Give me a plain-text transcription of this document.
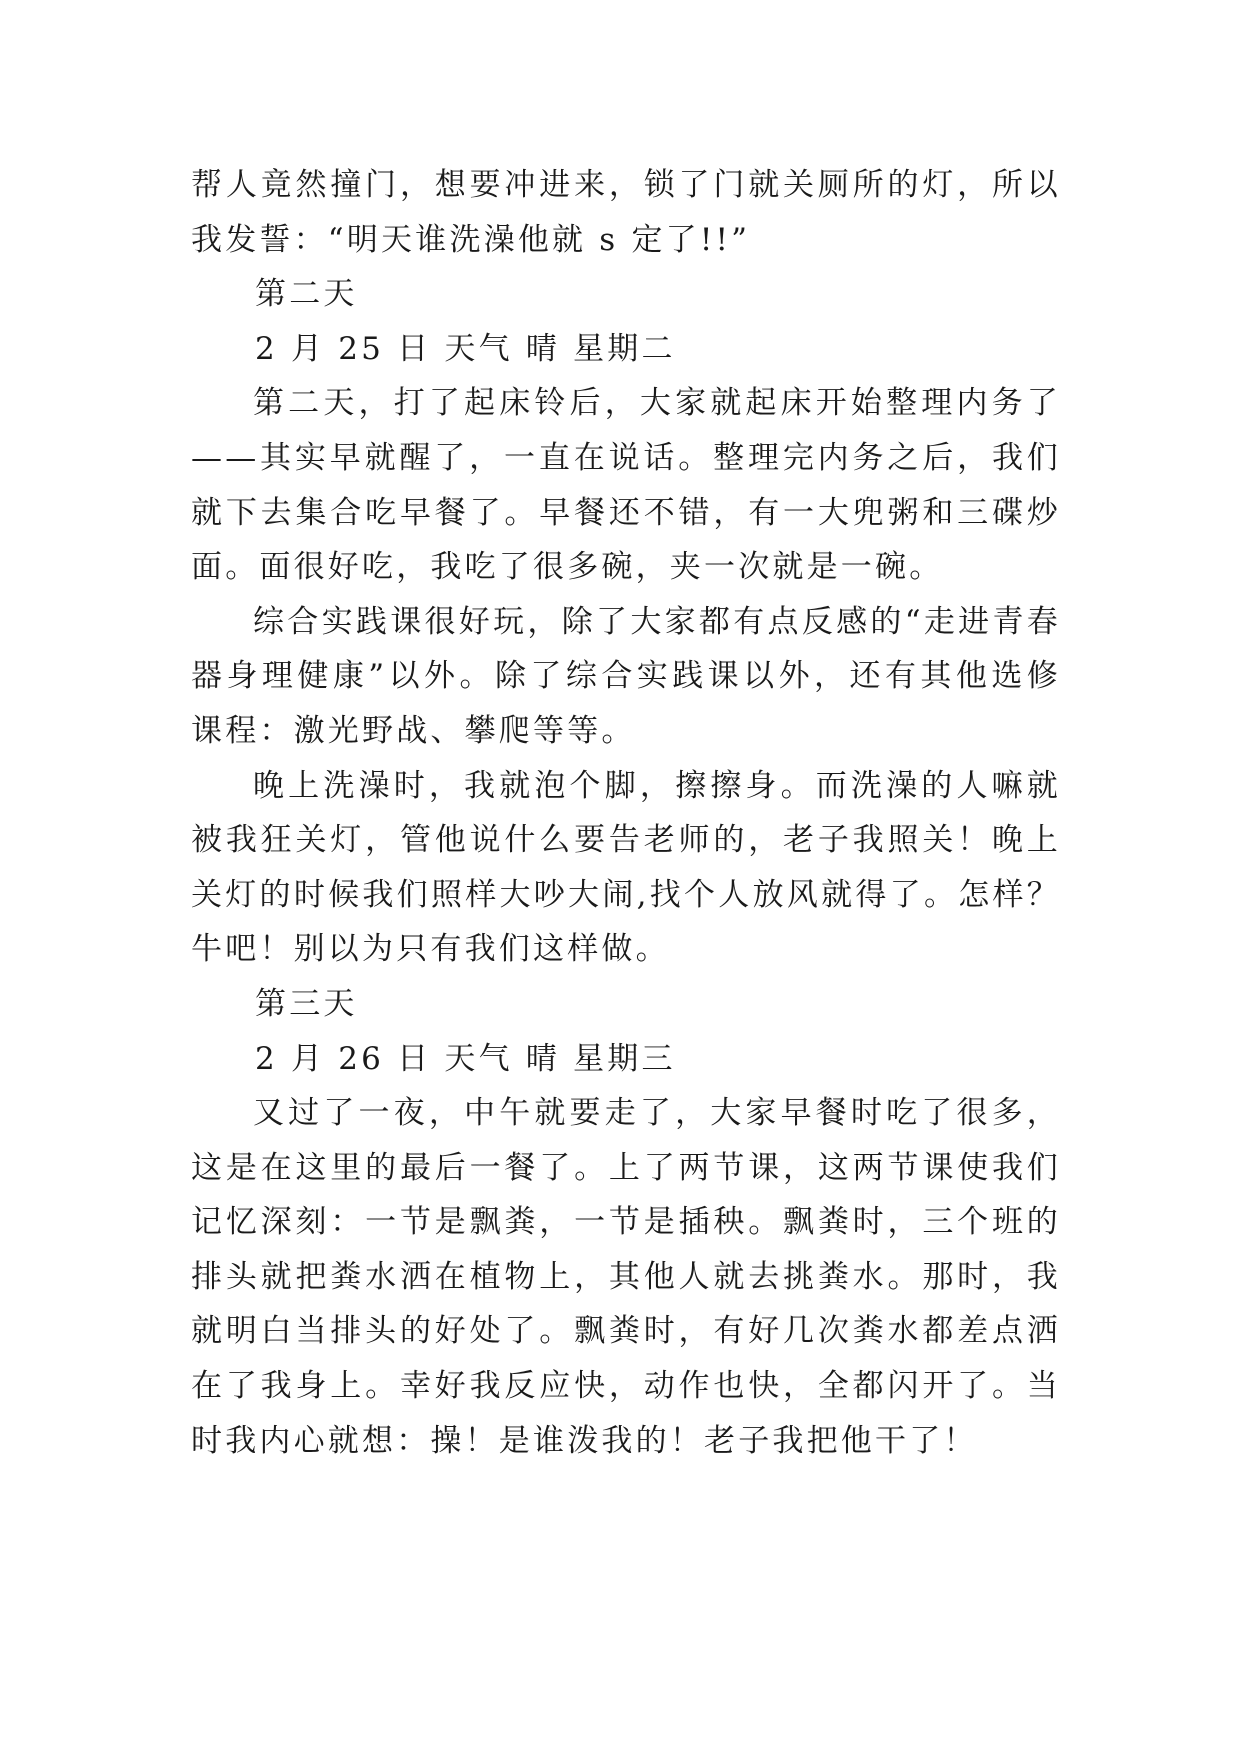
帮人竟然撞门，想要冲进来，锁了门就关厕所的灯，所以我发誓：“明天谁洗澡他就 s 定了!!”

第二天

2 月 25 日 天气 晴 星期二

第二天，打了起床铃后，大家就起床开始整理内务了——其实早就醒了，一直在说话。整理完内务之后，我们就下去集合吃早餐了。早餐还不错，有一大兜粥和三碟炒面。面很好吃，我吃了很多碗，夹一次就是一碗。

综合实践课很好玩，除了大家都有点反感的“走进青春器身理健康”以外。除了综合实践课以外，还有其他选修课程：激光野战、攀爬等等。

晚上洗澡时，我就泡个脚，擦擦身。而洗澡的人嘛就被我狂关灯，管他说什么要告老师的，老子我照关！晚上关灯的时候我们照样大吵大闹,找个人放风就得了。怎样？牛吧！别以为只有我们这样做。

第三天

2 月 26 日 天气 晴 星期三

又过了一夜，中午就要走了，大家早餐时吃了很多，这是在这里的最后一餐了。上了两节课，这两节课使我们记忆深刻：一节是飘粪，一节是插秧。飘粪时，三个班的排头就把粪水洒在植物上，其他人就去挑粪水。那时，我就明白当排头的好处了。飘粪时，有好几次粪水都差点洒在了我身上。幸好我反应快，动作也快，全都闪开了。当时我内心就想：操！是谁泼我的！老子我把他干了！
